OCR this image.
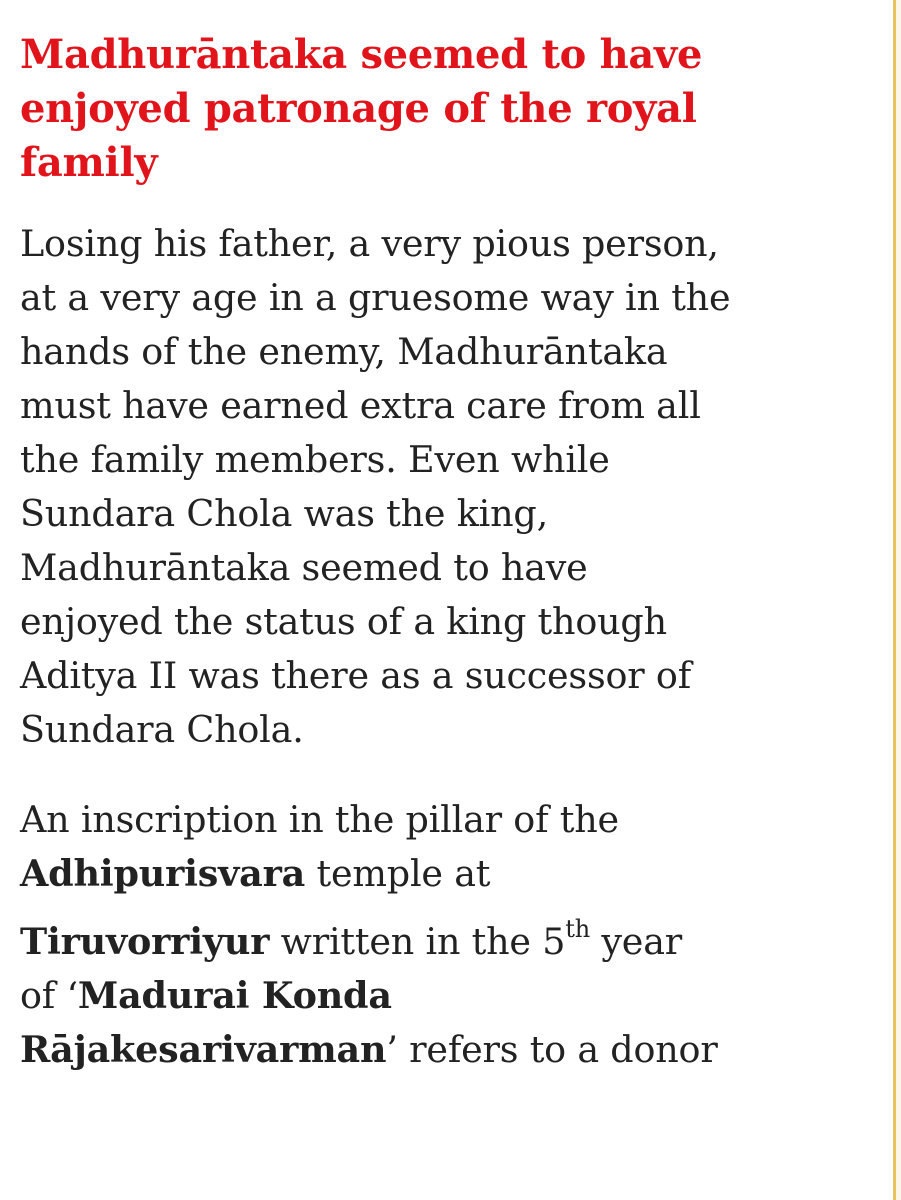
Madhurāntaka seemed to have
enjoyed patronage of the royal
family

Losing his father, a very pious person,
at a very age in a gruesome way in the
hands of the enemy, Madhurāntaka
must have earned extra care from all
the family members. Even while
Sundara Chola was the king,
Madhurāntaka seemed to have
enjoyed the status of a king though
Aditya II was there as a successor of
Sundara Chola.

An inscription in the pillar of the
Adhipurisvara temple at
Tiruvorriyur written in the 5th year
of ‘Madurai Konda
Rājakesarivarman’ refers to a donor
